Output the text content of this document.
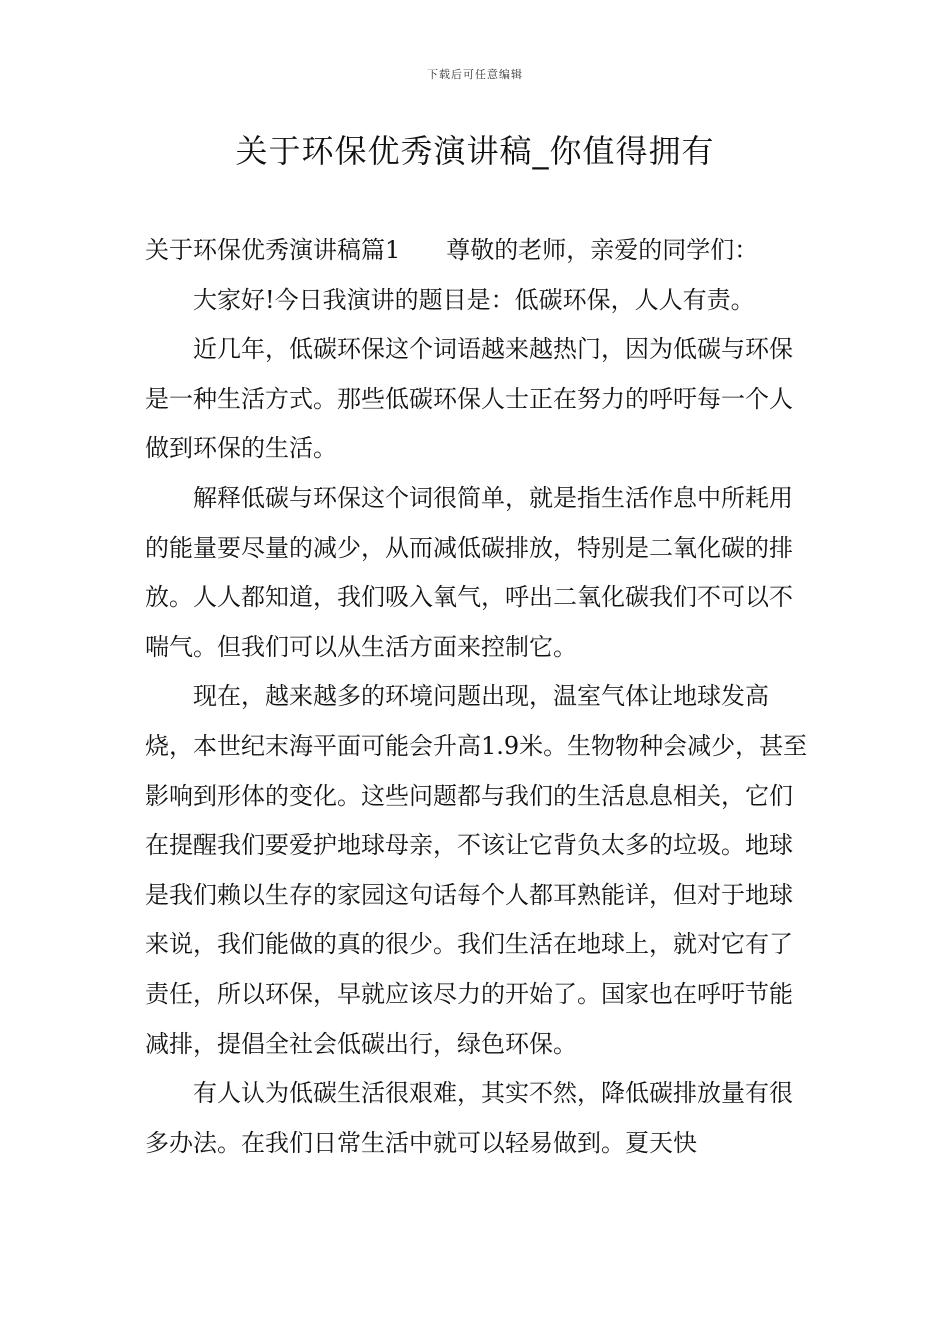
下载后可任意编辑
关于环保优秀演讲稿_你值得拥有

关于环保优秀演讲稿篇1 尊敬的老师，亲爱的同学们：

大家好!今日我演讲的题目是：低碳环保，人人有责。

近几年，低碳环保这个词语越来越热门，因为低碳与环保是一种生活方式。那些低碳环保人士正在努力的呼吁每一个人做到环保的生活。

解释低碳与环保这个词很简单，就是指生活作息中所耗用的能量要尽量的减少，从而减低碳排放，特别是二氧化碳的排放。人人都知道，我们吸入氧气，呼出二氧化碳我们不可以不喘气。但我们可以从生活方面来控制它。

现在，越来越多的环境问题出现，温室气体让地球发高烧，本世纪末海平面可能会升高1.9米。生物物种会减少，甚至影响到形体的变化。这些问题都与我们的生活息息相关，它们在提醒我们要爱护地球母亲，不该让它背负太多的垃圾。地球是我们赖以生存的家园这句话每个人都耳熟能详，但对于地球来说，我们能做的真的很少。我们生活在地球上，就对它有了责任，所以环保，早就应该尽力的开始了。国家也在呼吁节能减排，提倡全社会低碳出行，绿色环保。

有人认为低碳生活很艰难，其实不然，降低碳排放量有很多办法。在我们日常生活中就可以轻易做到。夏天快
